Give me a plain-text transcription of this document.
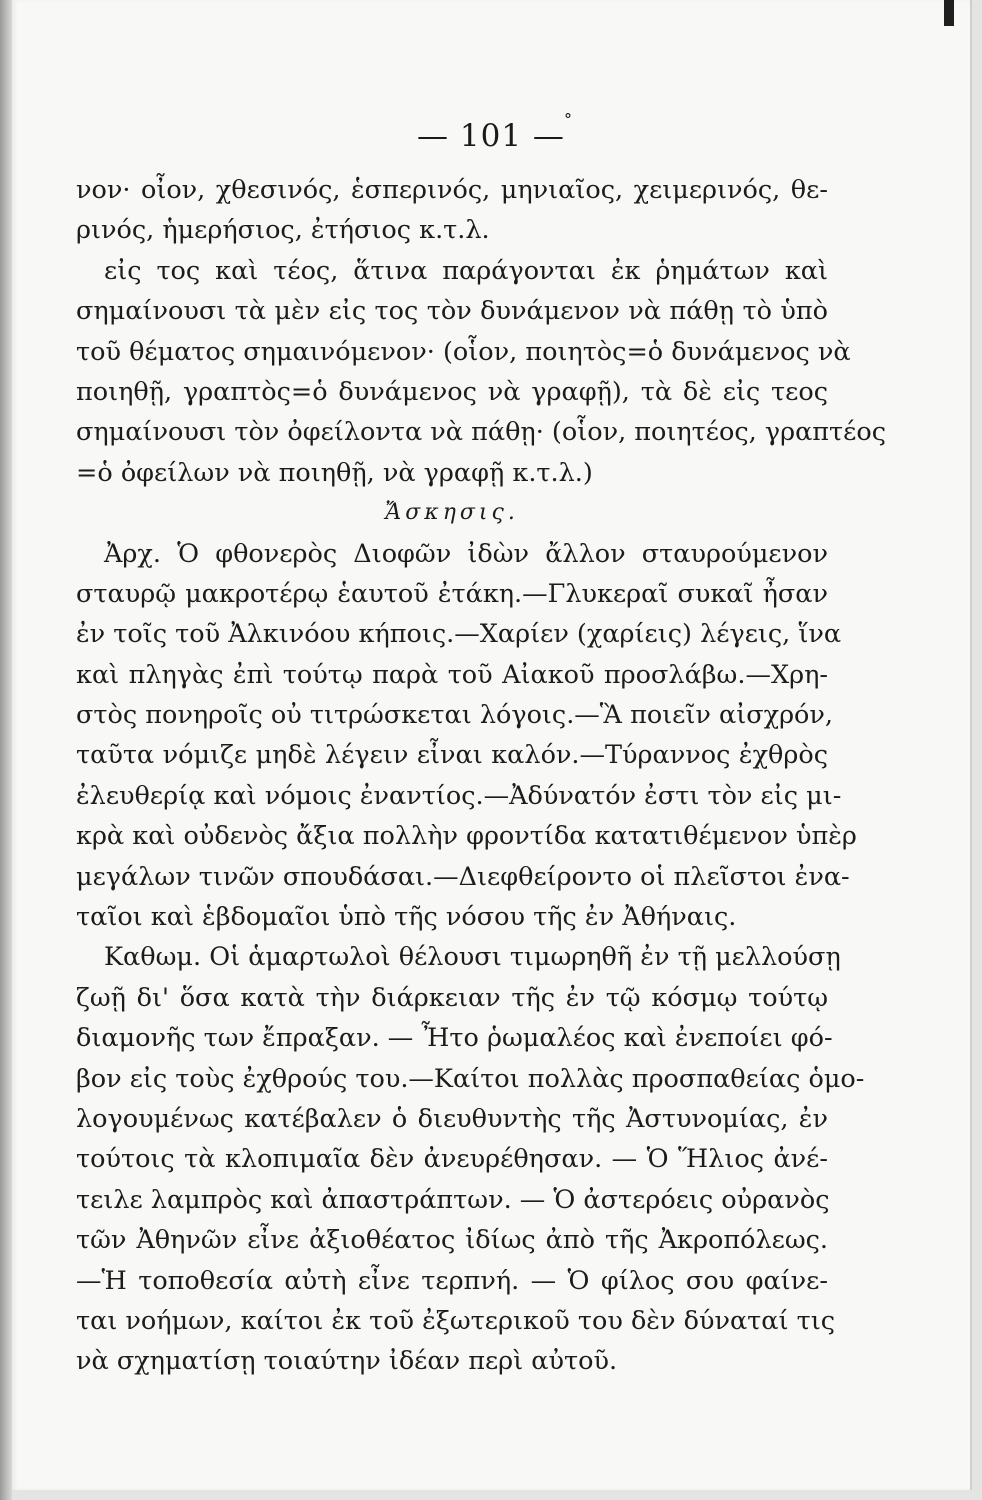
— 101 — °
νον· οἶον, χθεσινός, ἑσπερινός, μηνιαῖος, χειμερινός, θε-
ρινός, ἡμερήσιος, ἐτήσιος κ.τ.λ.
εἰς τος καὶ τέος, ἅτινα παράγονται ἐκ ῥημάτων καὶ
σημαίνουσι τὰ μὲν εἰς τος τὸν δυνάμενον νὰ πάθῃ τὸ ὑπὸ
τοῦ θέματος σημαινόμενον· (οἷον, ποιητὸς=ὁ δυνάμενος νὰ
ποιηθῇ, γραπτὸς=ὁ δυνάμενος νὰ γραφῇ), τὰ δὲ εἰς τεος
σημαίνουσι τὸν ὀφείλοντα νὰ πάθῃ· (οἷον, ποιητέος, γραπτέος
=ὁ ὀφείλων νὰ ποιηθῇ, νὰ γραφῇ κ.τ.λ.)
Ἄσκησις.
Ἀρχ. Ὁ φθονερὸς Διοφῶν ἰδὼν ἄλλον σταυρούμενον
σταυρῷ μακροτέρῳ ἑαυτοῦ ἐτάκη.—Γλυκεραῖ συκαῖ ἦσαν
ἐν τοῖς τοῦ Ἀλκινόου κήποις.—Χαρίεν (χαρίεις) λέγεις, ἵνα
καὶ πληγὰς ἐπὶ τούτῳ παρὰ τοῦ Αἰακοῦ προσλάβω.—Χρη-
στὸς πονηροῖς οὐ τιτρώσκεται λόγοις.—Ἃ ποιεῖν αἰσχρόν,
ταῦτα νόμιζε μηδὲ λέγειν εἶναι καλόν.—Τύραννος ἐχθρὸς
ἐλευθερίᾳ καὶ νόμοις ἐναντίος.—Ἀδύνατόν ἐστι τὸν εἰς μι-
κρὰ καὶ οὐδενὸς ἄξια πολλὴν φροντίδα κατατιθέμενον ὑπὲρ
μεγάλων τινῶν σπουδάσαι.—Διεφθείροντο οἱ πλεῖστοι ἐνα-
ταῖοι καὶ ἑβδομαῖοι ὑπὸ τῆς νόσου τῆς ἐν Ἀθήναις.
Καθωμ. Οἱ ἁμαρτωλοὶ θέλουσι τιμωρηθῆ ἐν τῇ μελλούσῃ
ζωῇ δι' ὅσα κατὰ τὴν διάρκειαν τῆς ἐν τῷ κόσμῳ τούτῳ
διαμονῆς των ἔπραξαν. — Ἦτο ῥωμαλέος καὶ ἐνεποίει φό-
βον εἰς τοὺς ἐχθρούς του.—Καίτοι πολλὰς προσπαθείας ὁμο-
λογουμένως κατέβαλεν ὁ διευθυντὴς τῆς Ἀστυνομίας, ἐν
τούτοις τὰ κλοπιμαῖα δὲν ἀνευρέθησαν. — Ὁ Ἥλιος ἀνέ-
τειλε λαμπρὸς καὶ ἀπαστράπτων. — Ὁ ἀστερόεις οὐρανὸς
τῶν Ἀθηνῶν εἶνε ἀξιοθέατος ἰδίως ἀπὸ τῆς Ἀκροπόλεως.
—Ἡ τοποθεσία αὐτὴ εἶνε τερπνή. — Ὁ φίλος σου φαίνε-
ται νοήμων, καίτοι ἐκ τοῦ ἐξωτερικοῦ του δὲν δύναταί τις
νὰ σχηματίσῃ τοιαύτην ἰδέαν περὶ αὐτοῦ.
